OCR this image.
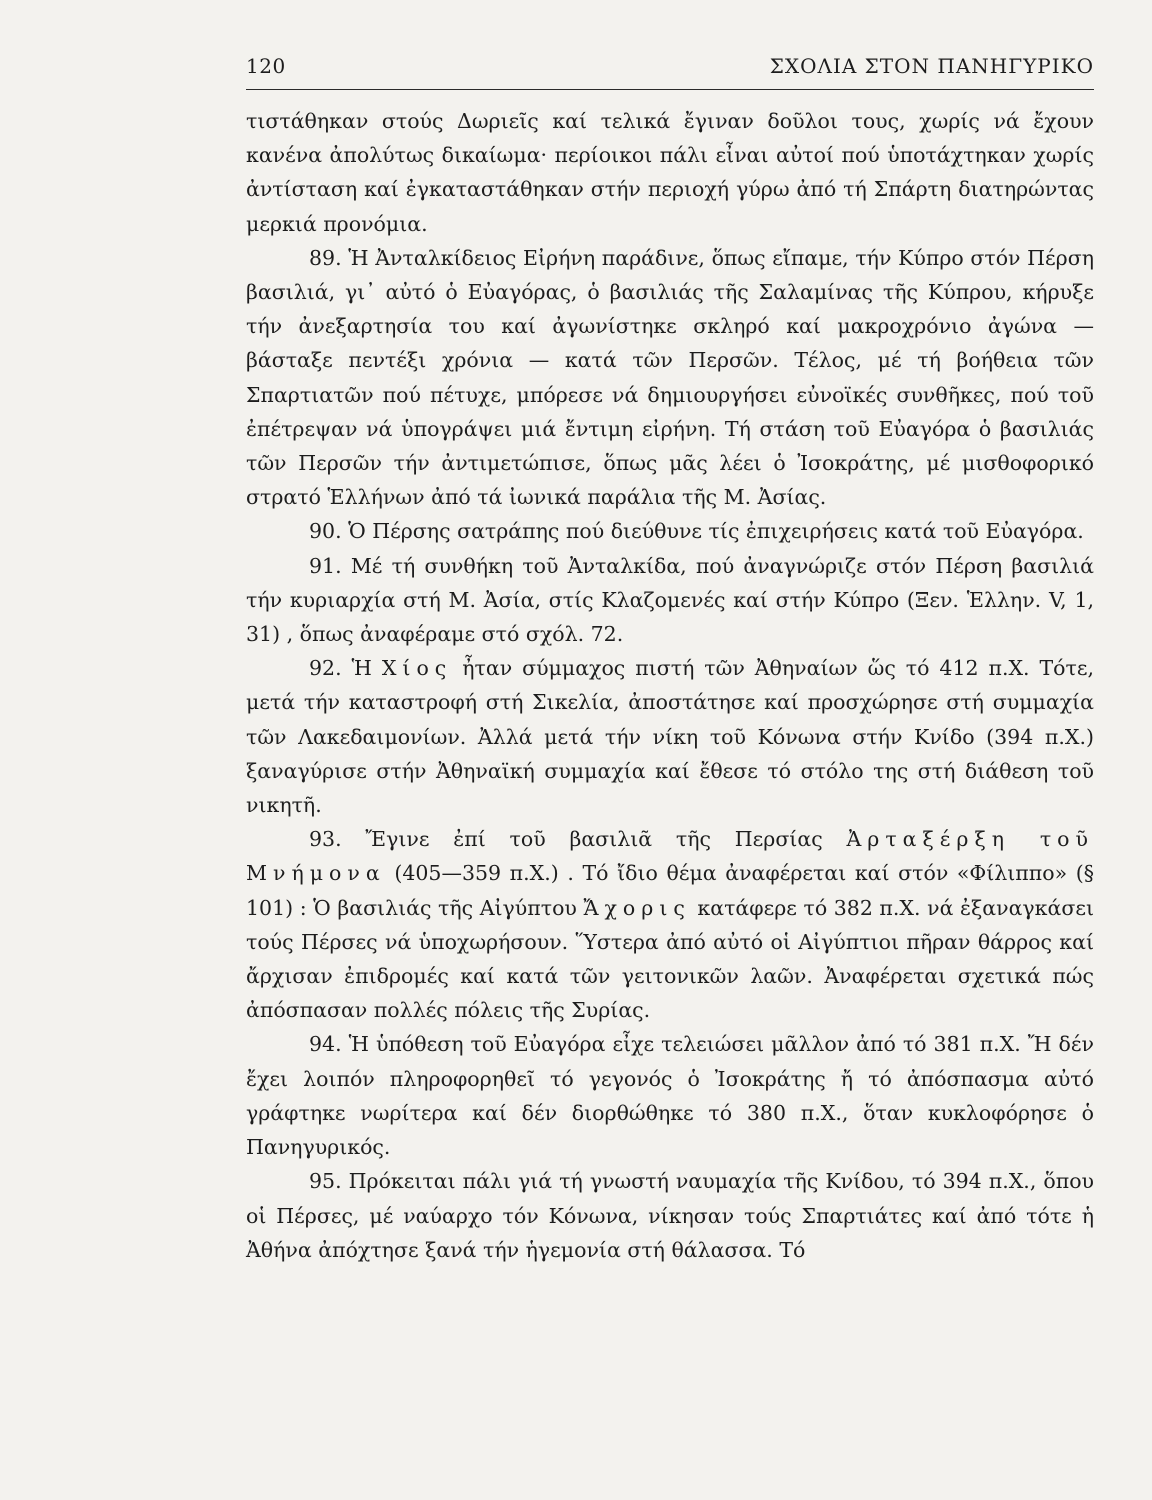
120	ΣΧΟΛΙΑ ΣΤΟΝ ΠΑΝΗΓΥΡΙΚΟ

τιστάθηκαν στούς Δωριεῖς καί τελικά ἔγιναν δοῦλοι τους, χωρίς νά ἔχουν κανένα ἀπολύτως δικαίωμα· περίοικοι πάλι εἶναι αὐτοί πού ὑποτάχτηκαν χωρίς ἀντίσταση καί ἐγκαταστάθηκαν στήν περιοχή γύρω ἀπό τή Σπάρτη διατηρώντας μερκιά προνόμια.

89. Ἡ Ἀνταλκίδειος Εἰρήνη παράδινε, ὅπως εἴπαμε, τήν Κύπρο στόν Πέρση βασιλιά, γι᾽ αὐτό ὁ Εὐαγόρας, ὁ βασιλιάς τῆς Σαλαμίνας τῆς Κύπρου, κήρυξε τήν ἀνεξαρτησία του καί ἀγωνίστηκε σκληρό καί μακροχρόνιο ἀγώνα — βάσταξε πεντέξι χρόνια — κατά τῶν Περσῶν. Τέλος, μέ τή βοήθεια τῶν Σπαρτιατῶν πού πέτυχε, μπόρεσε νά δημιουργήσει εὐνοϊκές συνθῆκες, πού τοῦ ἐπέτρεψαν νά ὑπογράψει μιά ἔντιμη εἰρήνη. Τή στάση τοῦ Εὐαγόρα ὁ βασιλιάς τῶν Περσῶν τήν ἀντιμετώπισε, ὅπως μᾶς λέει ὁ Ἰσοκράτης, μέ μισθοφορικό στρατό Ἑλλήνων ἀπό τά ἰωνικά παράλια τῆς Μ. Ἀσίας.

90. Ὁ Πέρσης σατράπης πού διεύθυνε τίς ἐπιχειρήσεις κατά τοῦ Εὐαγόρα.

91. Μέ τή συνθήκη τοῦ Ἀνταλκίδα, πού ἀναγνώριζε στόν Πέρση βασιλιά τήν κυριαρχία στή Μ. Ἀσία, στίς Κλαζομενές καί στήν Κύπρο (Ξεν. Ἑλλην. V, 1, 31) , ὅπως ἀναφέραμε στό σχόλ. 72.

92. Ἡ Χίος ἦταν σύμμαχος πιστή τῶν Ἀθηναίων ὥς τό 412 π.Χ. Τότε, μετά τήν καταστροφή στή Σικελία, ἀποστάτησε καί προσχώρησε στή συμμαχία τῶν Λακεδαιμονίων. Ἀλλά μετά τήν νίκη τοῦ Κόνωνα στήν Κνίδο (394 π.Χ.) ξαναγύρισε στήν Ἀθηναϊκή συμμαχία καί ἔθεσε τό στόλο της στή διάθεση τοῦ νικητῆ.

93. Ἔγινε ἐπί τοῦ βασιλιᾶ τῆς Περσίας Ἀρταξέρξη τοῦ Μνήμονα (405—359 π.Χ.) . Τό ἴδιο θέμα ἀναφέρεται καί στόν «Φίλιππο» (§ 101) : Ὁ βασιλιάς τῆς Αἰγύπτου Ἄχορις κατάφερε τό 382 π.Χ. νά ἐξαναγκάσει τούς Πέρσες νά ὑποχωρήσουν. Ὕστερα ἀπό αὐτό οἱ Αἰγύπτιοι πῆραν θάρρος καί ἄρχισαν ἐπιδρομές καί κατά τῶν γειτονικῶν λαῶν. Ἀναφέρεται σχετικά πώς ἀπόσπασαν πολλές πόλεις τῆς Συρίας.

94. Ἡ ὑπόθεση τοῦ Εὐαγόρα εἶχε τελειώσει μᾶλλον ἀπό τό 381 π.Χ. Ἤ δέν ἔχει λοιπόν πληροφορηθεῖ τό γεγονός ὁ Ἰσοκράτης ἤ τό ἀπόσπασμα αὐτό γράφτηκε νωρίτερα καί δέν διορθώθηκε τό 380 π.Χ., ὅταν κυκλοφόρησε ὁ Πανηγυρικός.

95. Πρόκειται πάλι γιά τή γνωστή ναυμαχία τῆς Κνίδου, τό 394 π.Χ., ὅπου οἱ Πέρσες, μέ ναύαρχο τόν Κόνωνα, νίκησαν τούς Σπαρτιάτες καί ἀπό τότε ἡ Ἀθήνα ἀπόχτησε ξανά τήν ἡγεμονία στή θάλασσα. Τό
